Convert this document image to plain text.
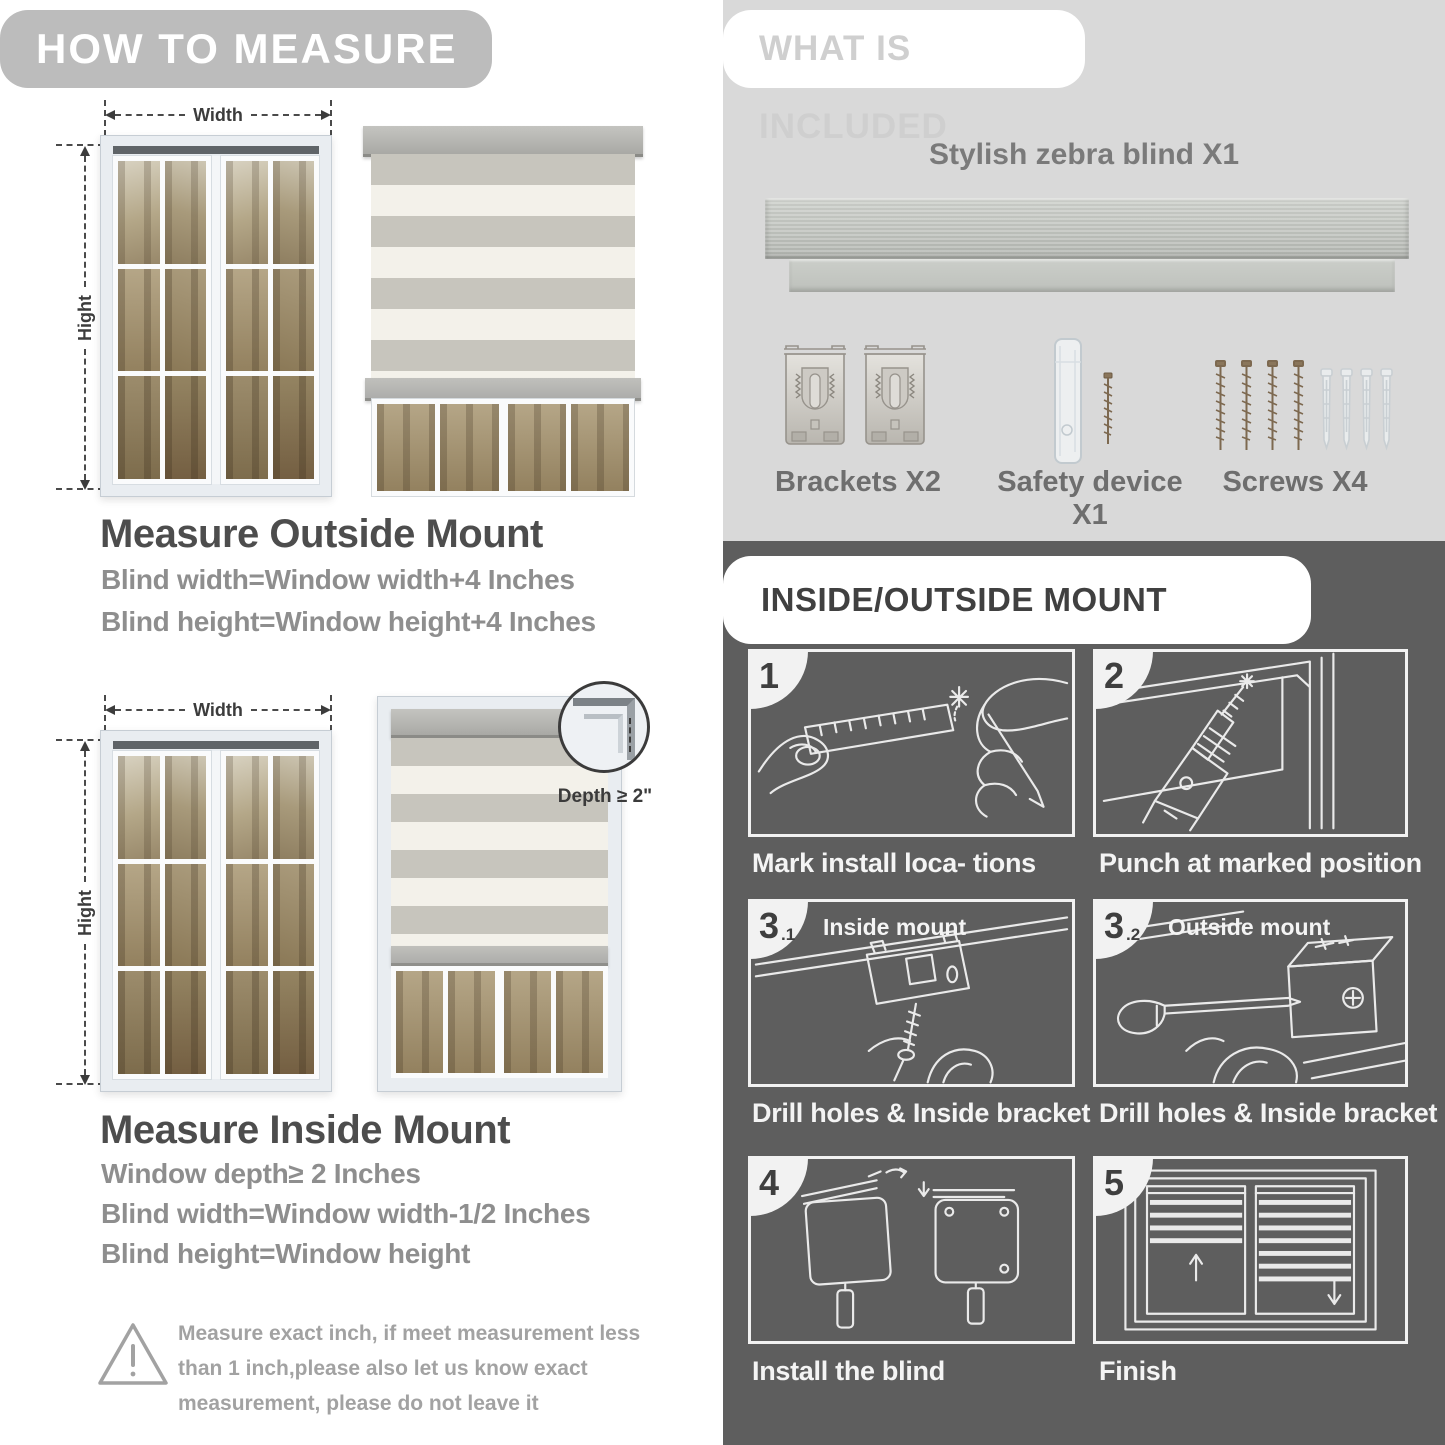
HOW TO MEASURE
Width
Hight
Measure Outside Mount
Blind width=Window width+4 Inches
Blind height=Window height+4 Inches
Width
Hight
Depth ≥ 2"
Measure Inside Mount
Window depth≥ 2 Inches
Blind width=Window width-1/2 Inches
Blind height=Window height
Measure exact inch, if meet measurement less
than 1 inch,please also let us know exact
measurement, please do not leave it
WHAT IS INCLUDED
Stylish zebra blind X1
Brackets X2	Safety device X1
Screws X4
INSIDE/OUTSIDE MOUNT
1
Mark install loca- tions
2
Punch at marked position
3 .1 Inside mount
Drill holes & Inside bracket
3 .2 Outside mount
Drill holes & Inside bracket
4
Install the blind
5
Finish
